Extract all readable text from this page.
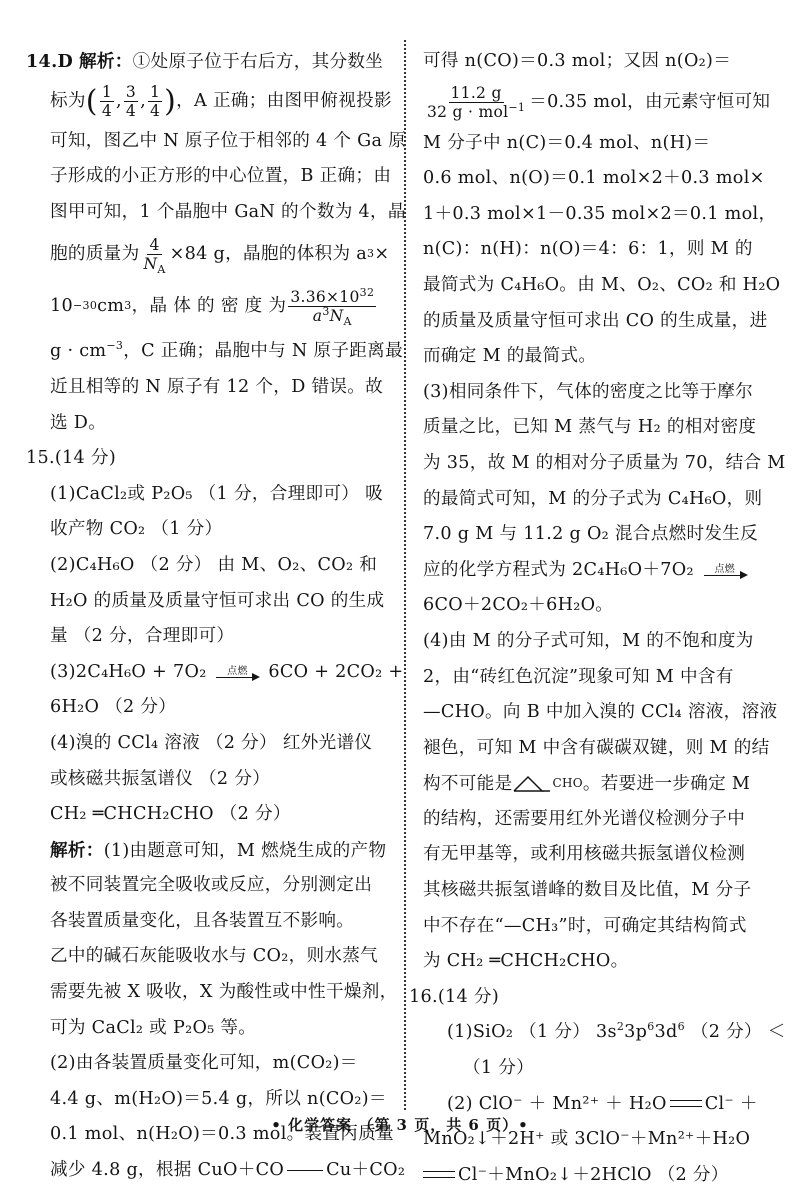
14.D 解析：①处原子位于右后方，其分数坐
标为 ( $\frac{1}{4}$ , $\frac{3}{4}$ , $\frac{1}{4}$ ) ，A 正确；由图甲俯视投影
可知，图乙中 N 原子位于相邻的 4 个 Ga 原
子形成的小正方形的中心位置，B 正确；由
图甲可知，1 个晶胞中 GaN 的个数为 4，晶
胞的质量为 $\frac{4}{N_A} \times 84$ g，晶胞的体积为 a 3 ×
10 −30 cm 3 ，晶 体 的 密 度 为 $\frac{3.36\times 10^{32}}{a^3N_A}$
$g \cdot cm^{-3}$，C 正确；晶胞中与 N 原子距离最
近且相等的 N 原子有 12 个，D 错误。故
选 D。
15.(14 分)
(1)CaCl₂或 P₂O₅ （1 分，合理即可） 吸
收产物 CO₂ （1 分）
(2)C₄H₆O （2 分） 由 M、O₂、CO₂ 和
H₂O 的质量及质量守恒可求出 CO 的生成
量 （2 分，合理即可）
(3)2C₄H₆O + 7O₂ 点燃 6CO + 2CO₂ +
6H₂O （2 分）
(4)溴的 CCl₄ 溶液 （2 分） 红外光谱仪
或核磁共振氢谱仪 （2 分）
CH₂ ═CHCH₂CHO （2 分）
解析：(1)由题意可知，M 燃烧生成的产物
被不同装置完全吸收或反应，分别测定出
各装置质量变化，且各装置互不影响。
乙中的碱石灰能吸收水与 CO₂，则水蒸气
需要先被 X 吸收，X 为酸性或中性干燥剂，
可为 CaCl₂ 或 P₂O₅ 等。
(2)由各装置质量变化可知，m(CO₂)＝
4.4 g、m(H₂O)＝5.4 g，所以 n(CO₂)＝
0.1 mol、n(H₂O)＝0.3 mol。装置丙质量
减少 4.8 g，根据 CuO＋CO Cu＋CO₂
可得 n(CO)＝0.3 mol；又因 n(O₂)＝
$\frac{11.2 g}{32 g \cdot mol^{-1}} =0.35$ mol，由元素守恒可知
M 分子中 n(C)＝0.4 mol、n(H)＝
0.6 mol、n(O)＝0.1 mol×2＋0.3 mol×
1＋0.3 mol×1－0.35 mol×2＝0.1 mol，
n(C)：n(H)：n(O)＝4：6：1，则 M 的
最简式为 C₄H₆O。由 M、O₂、CO₂ 和 H₂O
的质量及质量守恒可求出 CO 的生成量，进
而确定 M 的最简式。
(3)相同条件下，气体的密度之比等于摩尔
质量之比，已知 M 蒸气与 H₂ 的相对密度
为 35，故 M 的相对分子质量为 70，结合 M
的最简式可知，M 的分子式为 C₄H₆O，则
7.0 g M 与 11.2 g O₂ 混合点燃时发生反
应的化学方程式为 2C₄H₆O＋7O₂ 点燃
6CO＋2CO₂＋6H₂O。
(4)由 M 的分子式可知，M 的不饱和度为
2，由“砖红色沉淀”现象可知 M 中含有
—CHO。向 B 中加入溴的 CCl₄ 溶液，溶液
褪色，可知 M 中含有碳碳双键，则 M 的结
构不可能是	CHO 。若要进一步确定 M
的结构，还需要用红外光谱仪检测分子中
有无甲基等，或利用核磁共振氢谱仪检测
其核磁共振氢谱峰的数目及比值，M 分子
中不存在“—CH₃”时，可确定其结构简式
为 CH₂ ═CHCH₂CHO。
16.(14 分)
(1)SiO₂ （1 分） $3s^23p^63d^6$ （2 分） ＜
（1 分）
(2) ClO⁻ ＋ Mn²⁺ ＋ H₂O Cl⁻ ＋
MnO₂↓＋2H⁺ 或 3ClO⁻＋Mn²⁺＋H₂O
Cl⁻＋MnO₂↓＋2HClO （2 分）
• 化学答案 （第 3 页，共 6 页）•
